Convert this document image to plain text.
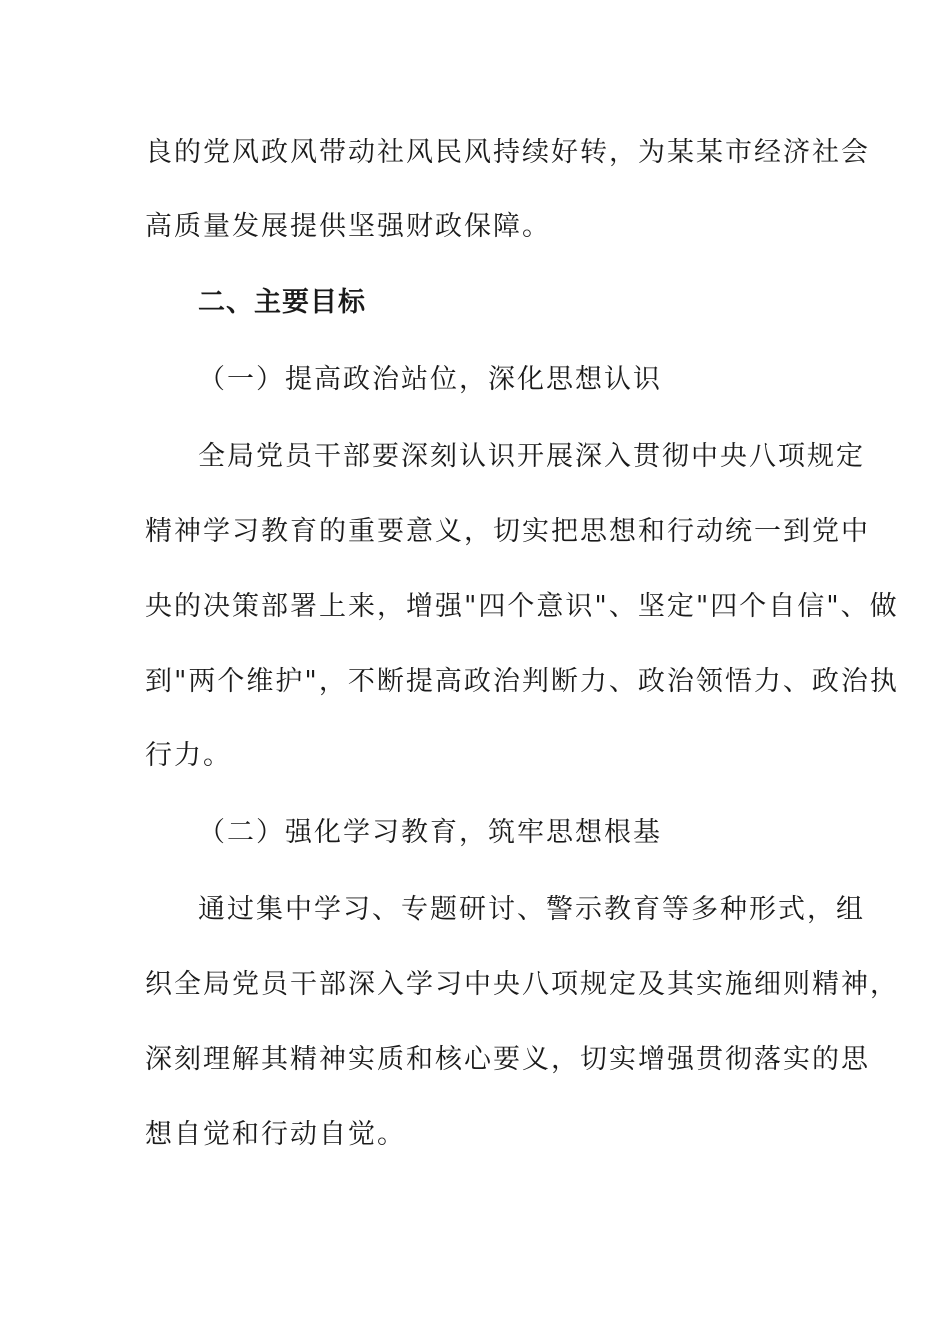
良的党风政风带动社风民风持续好转，为某某市经济社会
高质量发展提供坚强财政保障。
二、主要目标
（一）提高政治站位，深化思想认识
全局党员干部要深刻认识开展深入贯彻中央八项规定
精神学习教育的重要意义，切实把思想和行动统一到党中
央的决策部署上来，增强"四个意识"、坚定"四个自信"、做
到"两个维护"，不断提高政治判断力、政治领悟力、政治执
行力。
（二）强化学习教育，筑牢思想根基
通过集中学习、专题研讨、警示教育等多种形式，组
织全局党员干部深入学习中央八项规定及其实施细则精神，
深刻理解其精神实质和核心要义，切实增强贯彻落实的思
想自觉和行动自觉。
